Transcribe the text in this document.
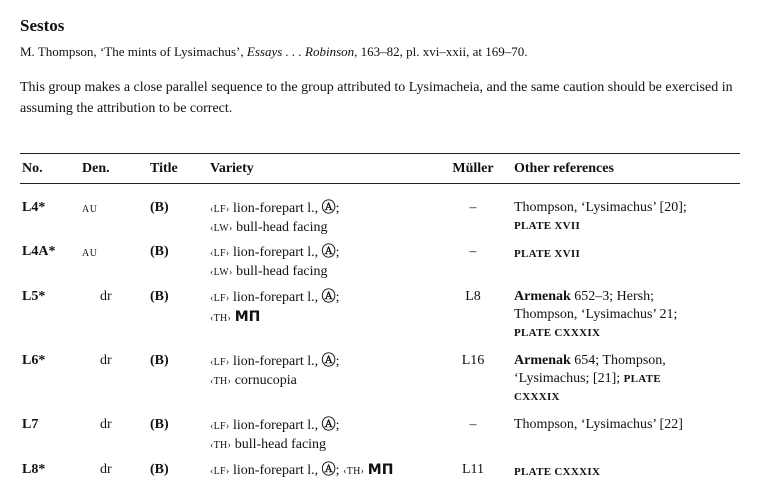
Sestos
M. Thompson, ‘The mints of Lysimachus’, Essays . . . Robinson, 163–82, pl. xvi–xxii, at 169–70.
This group makes a close parallel sequence to the group attributed to Lysimacheia, and the same caution should be exercised in assuming the attribution to be correct.
No.	Den.	Title Variety	Müller	Other references
L4*	AU	(B)	‹LF› lion-forepart l., Ⓐ;
‹LW› bull-head facing
–	Thompson, ‘Lysimachus’ [20];
PLATE XVII
L4A*	AU	(B)	‹LF› lion-forepart l., Ⓐ;
‹LW› bull-head facing
–	PLATE XVII
L5*	dr	(B)	‹LF› lion-forepart l., Ⓐ;
‹TH› ΜΠ
L8	Armenak 652–3; Hersh;
Thompson, ‘Lysimachus’ 21;
PLATE CXXXIX
L6*	dr	(B)	‹LF› lion-forepart l., Ⓐ;
‹TH› cornucopia
L16	Armenak 654; Thompson,
‘Lysimachus; [21]; PLATE
CXXXIX
L7	dr	(B)	‹LF› lion-forepart l., Ⓐ;
‹TH› bull-head facing
–	Thompson, ‘Lysimachus’ [22]
L8*	dr	(B)	‹LF› lion-forepart l., Ⓐ; ‹TH› ΜΠ	L11	PLATE CXXXIX
